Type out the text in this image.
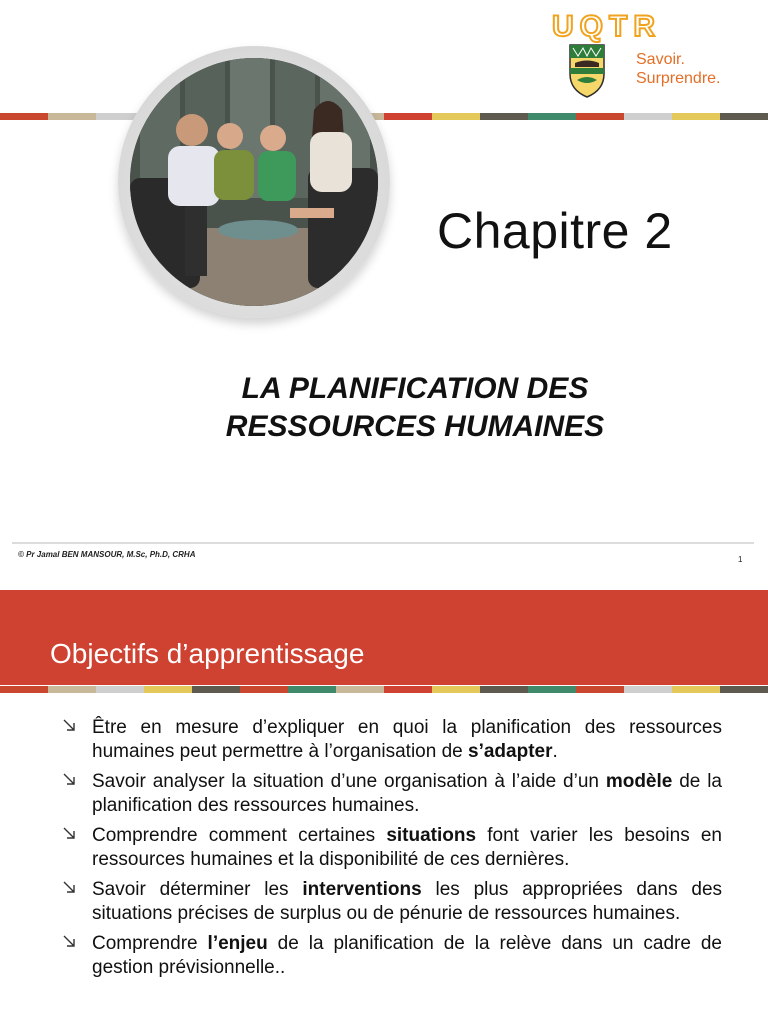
UQTR
Savoir.
Surprendre.
Chapitre 2
LA PLANIFICATION DES
RESSOURCES HUMAINES
© Pr Jamal BEN MANSOUR, M.Sc, Ph.D, CRHA
1
Objectifs d’apprentissage
Être en mesure d’expliquer en quoi la planification des ressources humaines peut permettre à l’organisation de s’adapter.
Savoir analyser la situation d’une organisation à l’aide d’un modèle de la planification des ressources humaines.
Comprendre comment certaines situations font varier les besoins en ressources humaines et la disponibilité de ces dernières.
Savoir déterminer les interventions les plus appropriées dans des situations précises de surplus ou de pénurie de ressources humaines.
Comprendre l’enjeu de la planification de la relève dans un cadre de gestion prévisionnelle..
